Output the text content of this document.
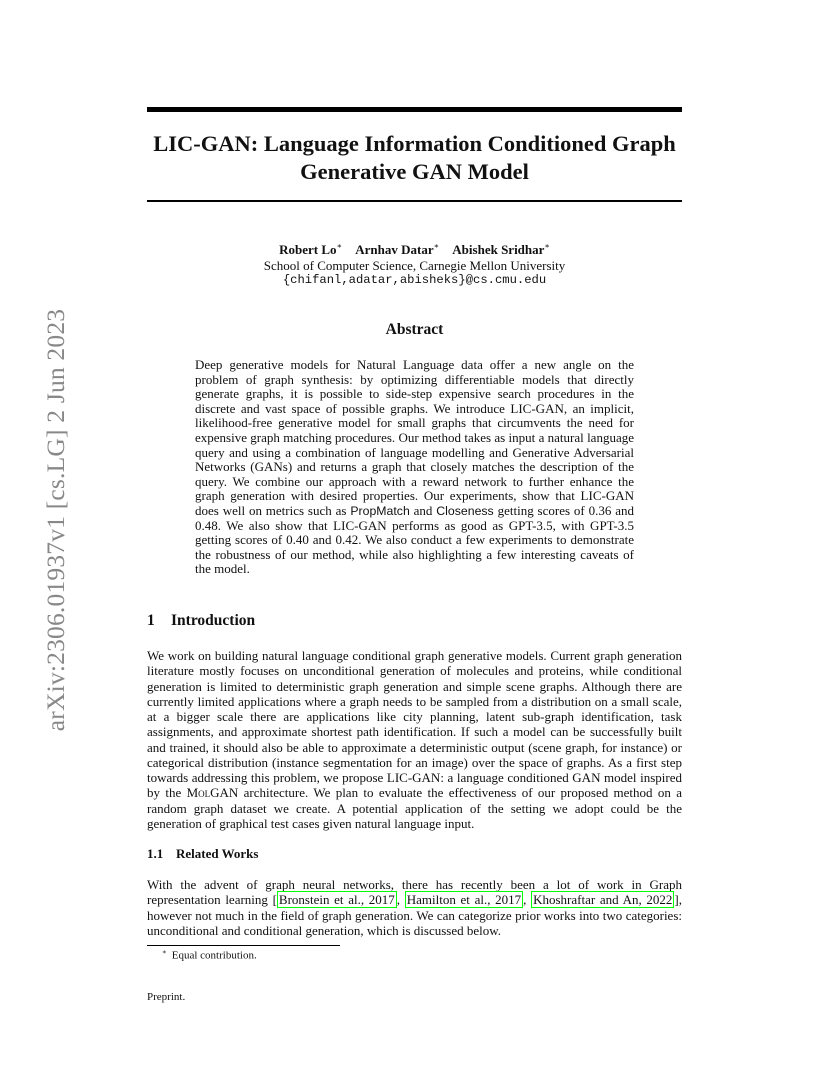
arXiv:2306.01937v1 [cs.LG] 2 Jun 2023
LIC-GAN: Language Information Conditioned Graph
Generative GAN Model
Robert Lo∗ Arnhav Datar∗ Abishek Sridhar∗
School of Computer Science, Carnegie Mellon University
{chifanl,adatar,abisheks}@cs.cmu.edu
Abstract
Deep generative models for Natural Language data offer a new angle on the problem of graph synthesis: by optimizing differentiable models that directly generate graphs, it is possible to side-step expensive search procedures in the discrete and vast space of possible graphs. We introduce LIC-GAN, an implicit, likelihood-free generative model for small graphs that circumvents the need for expensive graph matching procedures. Our method takes as input a natural language query and using a combination of language modelling and Generative Adversarial Networks (GANs) and returns a graph that closely matches the description of the query. We combine our approach with a reward network to further enhance the graph generation with desired properties. Our experiments, show that LIC-GAN does well on metrics such as PropMatch and Closeness getting scores of 0.36 and 0.48. We also show that LIC-GAN performs as good as GPT-3.5, with GPT-3.5 getting scores of 0.40 and 0.42. We also conduct a few experiments to demonstrate the robustness of our method, while also highlighting a few interesting caveats of the model.
1 Introduction
We work on building natural language conditional graph generative models. Current graph generation literature mostly focuses on unconditional generation of molecules and proteins, while conditional generation is limited to deterministic graph generation and simple scene graphs. Although there are currently limited applications where a graph needs to be sampled from a distribution on a small scale, at a bigger scale there are applications like city planning, latent sub-graph identification, task assignments, and approximate shortest path identification. If such a model can be successfully built and trained, it should also be able to approximate a deterministic output (scene graph, for instance) or categorical distribution (instance segmentation for an image) over the space of graphs. As a first step towards addressing this problem, we propose LIC-GAN: a language conditioned GAN model inspired by the MolGAN architecture. We plan to evaluate the effectiveness of our proposed method on a random graph dataset we create. A potential application of the setting we adopt could be the generation of graphical test cases given natural language input.
1.1 Related Works
With the advent of graph neural networks, there has recently been a lot of work in Graph representation learning [ Bronstein et al., 2017 , Hamilton et al., 2017 , Khoshraftar and An, 2022 ], however not much in the field of graph generation. We can categorize prior works into two categories: unconditional and conditional generation, which is discussed below.
∗ Equal contribution.
Preprint.
